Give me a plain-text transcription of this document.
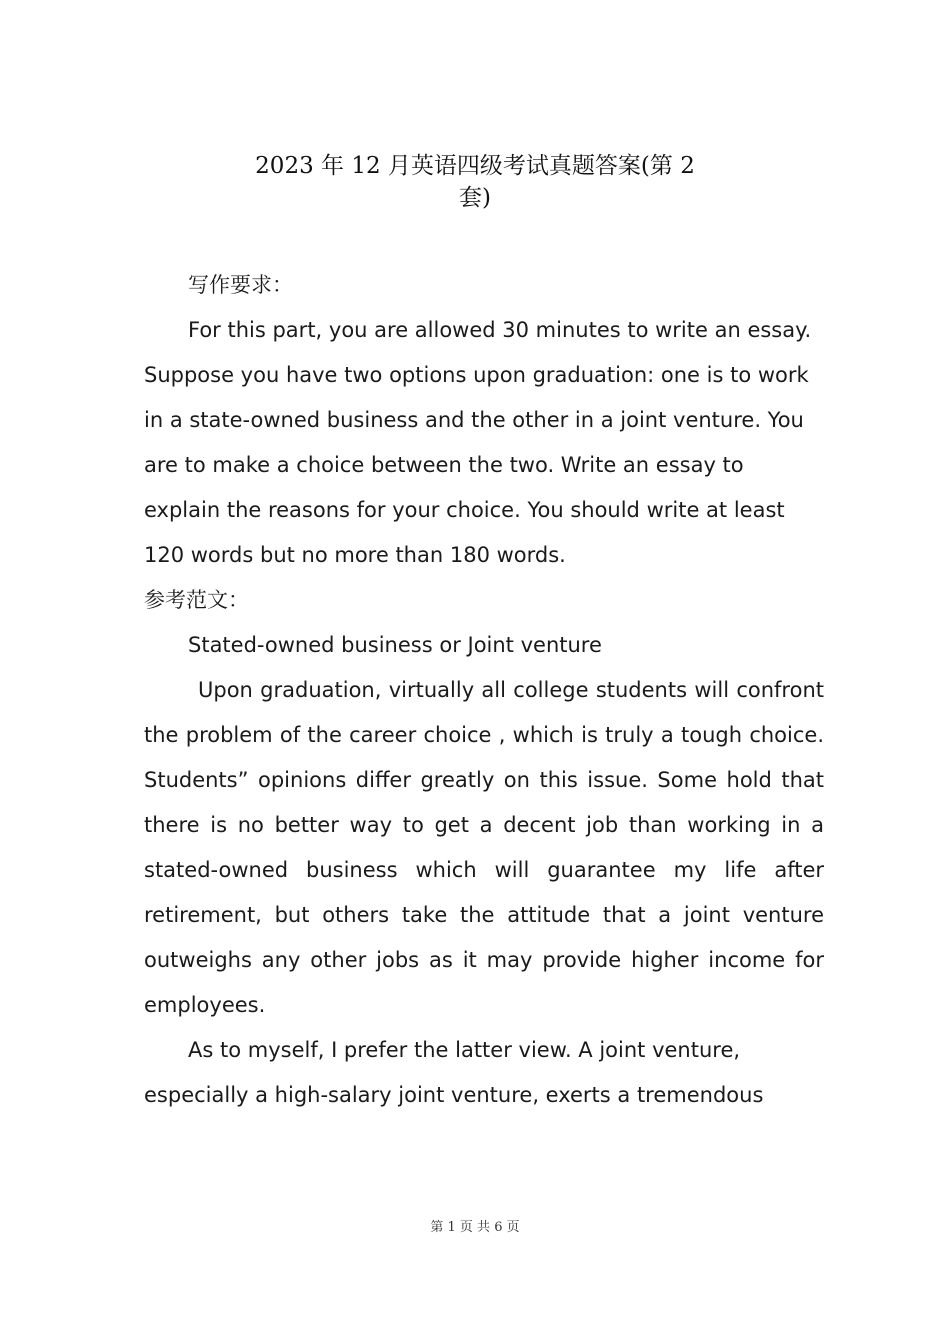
2023 年 12 月英语四级考试真题答案(第 2
套)

写作要求：

For this part, you are allowed 30 minutes to write an essay. Suppose you have two options upon graduation: one is to work in a state-owned business and the other in a joint venture. You are to make a choice between the two. Write an essay to explain the reasons for your choice. You should write at least 120 words but no more than 180 words.

参考范文：

Stated-owned business or Joint venture

Upon graduation, virtually all college students will confront the problem of the career choice , which is truly a tough choice. Students” opinions differ greatly on this issue. Some hold that there is no better way to get a decent job than working in a stated-owned business which will guarantee my life after retirement, but others take the attitude that a joint venture outweighs any other jobs as it may provide higher income for employees.

As to myself, I prefer the latter view. A joint venture, especially a high-salary joint venture, exerts a tremendous

第 1 页 共 6 页
